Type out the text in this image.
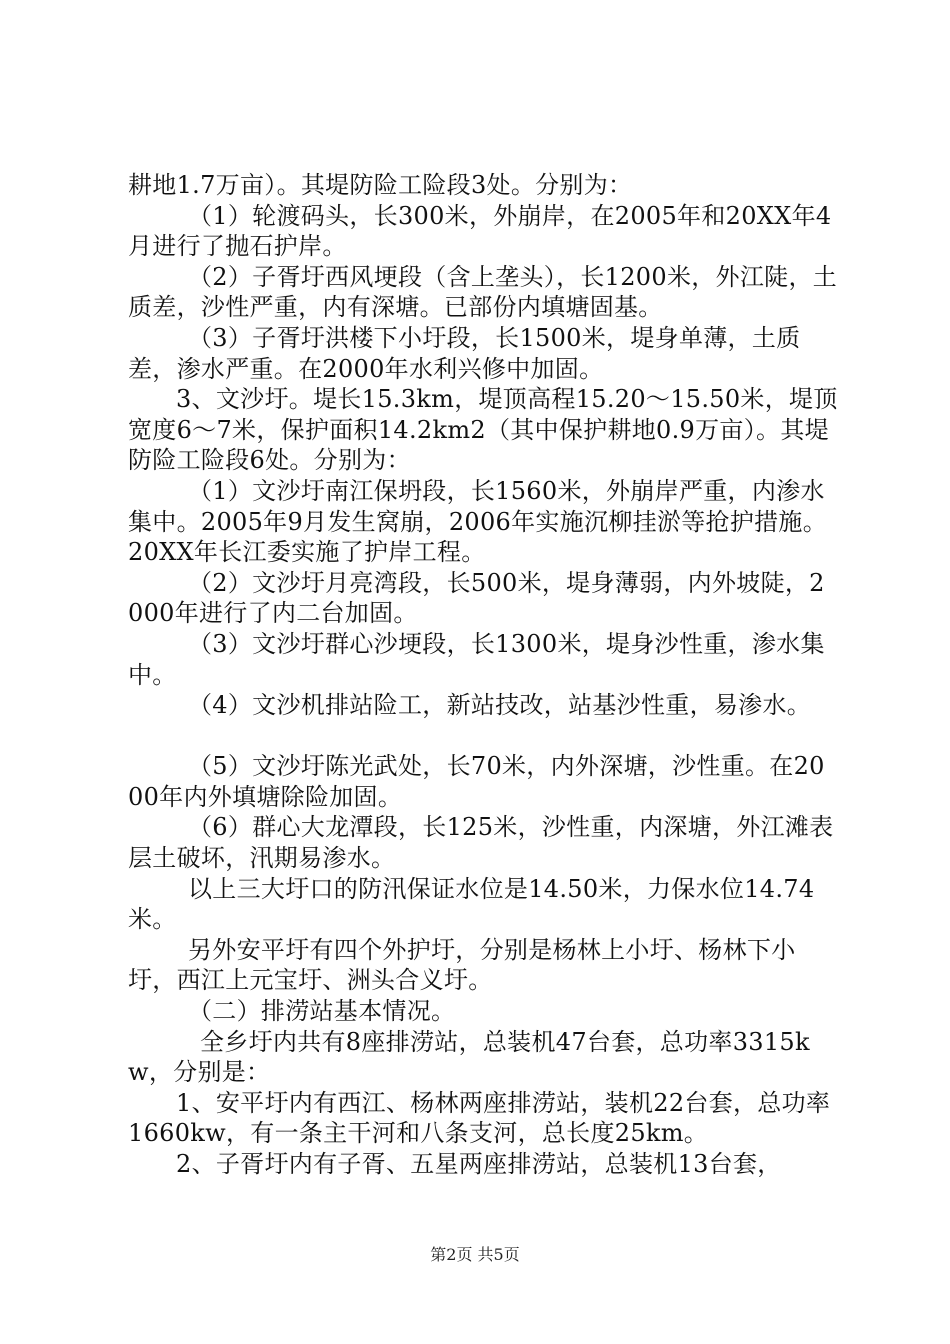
耕地1.7万亩）。其堤防险工险段3处。分别为：

（1）轮渡码头，长300米，外崩岸，在2005年和20XX年4月进行了抛石护岸。

（2）子胥圩西风埂段（含上垄头），长1200米，外江陡，土质差，沙性严重，内有深塘。已部份内填塘固基。

（3）子胥圩洪楼下小圩段，长1500米，堤身单薄，土质差，渗水严重。在2000年水利兴修中加固。

3、文沙圩。堤长15.3km，堤顶高程15.20～15.50米，堤顶宽度6～7米，保护面积14.2km2（其中保护耕地0.9万亩）。其堤防险工险段6处。分别为：

（1）文沙圩南江保坍段，长1560米，外崩岸严重，内渗水集中。2005年9月发生窝崩，2006年实施沉柳挂淤等抢护措施。20XX年长江委实施了护岸工程。

（2）文沙圩月亮湾段，长500米，堤身薄弱，内外坡陡，2000年进行了内二台加固。

（3）文沙圩群心沙埂段，长1300米，堤身沙性重，渗水集中。

（4）文沙机排站险工，新站技改，站基沙性重，易渗水。

（5）文沙圩陈光武处，长70米，内外深塘，沙性重。在2000年内外填塘除险加固。

（6）群心大龙潭段，长125米，沙性重，内深塘，外江滩表层土破坏，汛期易渗水。

以上三大圩口的防汛保证水位是14.50米，力保水位14.74米。

另外安平圩有四个外护圩，分别是杨林上小圩、杨林下小圩，西江上元宝圩、洲头合义圩。

（二）排涝站基本情况。

全乡圩内共有8座排涝站，总装机47台套，总功率3315kw，分别是：

1、安平圩内有西江、杨林两座排涝站，装机22台套，总功率1660kw，有一条主干河和八条支河，总长度25km。

2、子胥圩内有子胥、五星两座排涝站，总装机13台套，

第2页 共5页
